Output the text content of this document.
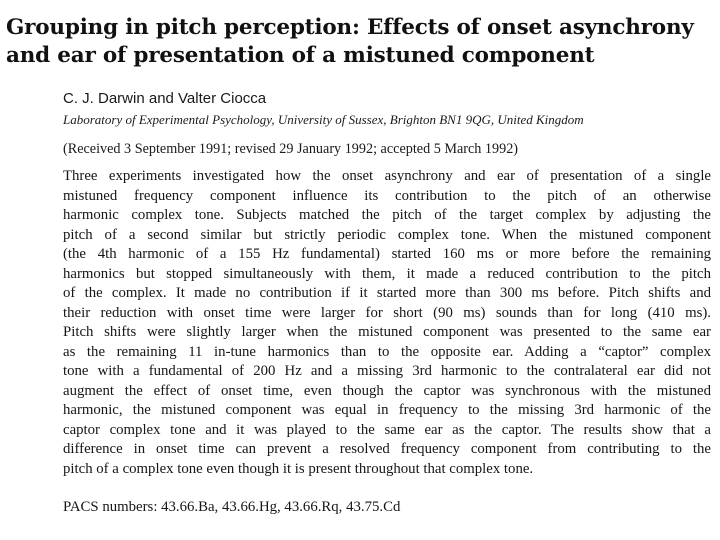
Grouping in pitch perception: Effects of onset asynchrony
and ear of presentation of a mistuned component

C. J. Darwin and Valter Ciocca

Laboratory of Experimental Psychology, University of Sussex, Brighton BN1 9QG, United Kingdom

(Received 3 September 1991; revised 29 January 1992; accepted 5 March 1992)

Three experiments investigated how the onset asynchrony and ear of presentation of a single
mistuned frequency component influence its contribution to the pitch of an otherwise
harmonic complex tone. Subjects matched the pitch of the target complex by adjusting the
pitch of a second similar but strictly periodic complex tone. When the mistuned component
(the 4th harmonic of a 155 Hz fundamental) started 160 ms or more before the remaining
harmonics but stopped simultaneously with them, it made a reduced contribution to the pitch
of the complex. It made no contribution if it started more than 300 ms before. Pitch shifts and
their reduction with onset time were larger for short (90 ms) sounds than for long (410 ms).
Pitch shifts were slightly larger when the mistuned component was presented to the same ear
as the remaining 11 in-tune harmonics than to the opposite ear. Adding a “captor” complex
tone with a fundamental of 200 Hz and a missing 3rd harmonic to the contralateral ear did not
augment the effect of onset time, even though the captor was synchronous with the mistuned
harmonic, the mistuned component was equal in frequency to the missing 3rd harmonic of the
captor complex tone and it was played to the same ear as the captor. The results show that a
difference in onset time can prevent a resolved frequency component from contributing to the
pitch of a complex tone even though it is present throughout that complex tone.

PACS numbers: 43.66.Ba, 43.66.Hg, 43.66.Rq, 43.75.Cd
